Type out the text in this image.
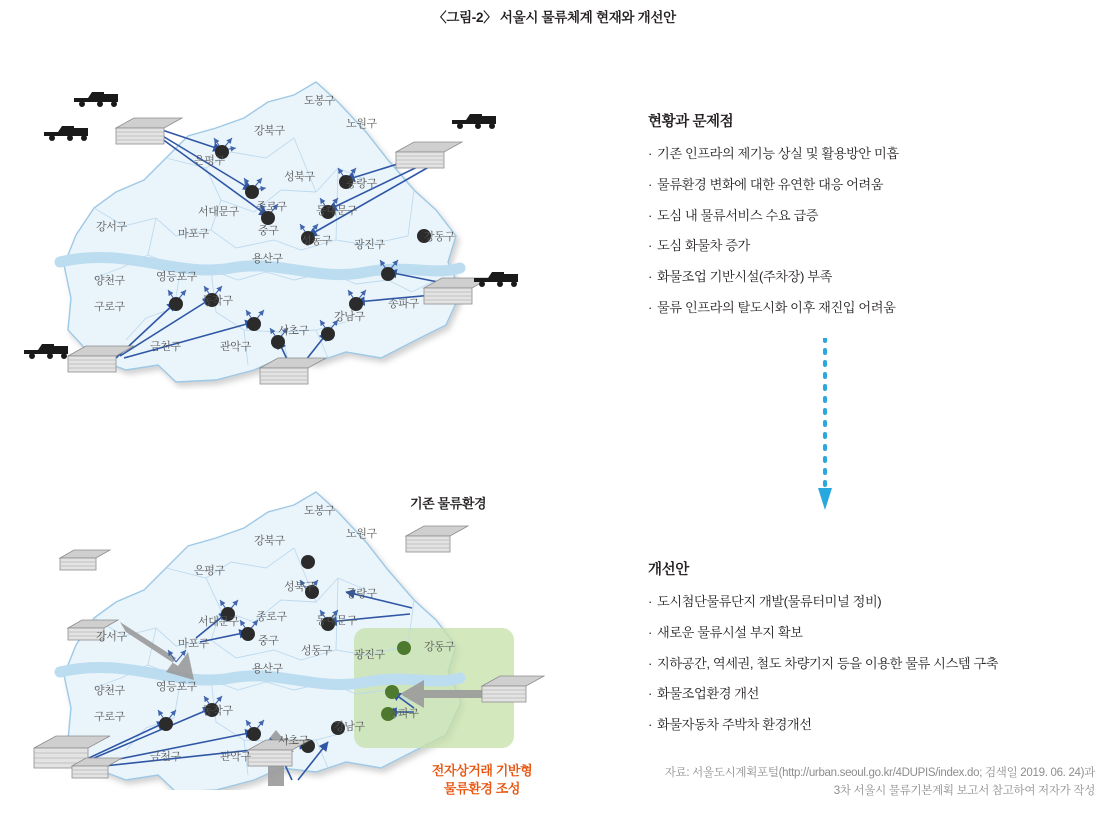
〈그림-2〉 서울시 물류체계 현재와 개선안
도봉구
강북구
노원구
은평구
성북구
중랑구
서대문구 종로구	동대문구
강서구
마포구	중구
성동구 광진구
강동구
용산구
양천구	영등포구
동작구
서초구
강남구
송파구
구로구
금천구	관악구
도봉구
강북구
노원구
은평구
성북구
중랑구
서대문구 종로구	동대문구
강서구
마포구	중구
성동구 광진구
강동구
용산구
양천구	영등포구
동작구
서초구
강남구
송파구
구로구
금천구	관악구
기존 물류환경
전자상거래 기반형
물류환경 조성
현황과 문제점
· 기존 인프라의 제기능 상실 및 활용방안 미흡
· 물류환경 변화에 대한 유연한 대응 어려움
· 도심 내 물류서비스 수요 급증
· 도심 화물차 증가
· 화물조업 기반시설(주차장) 부족
· 물류 인프라의 탈도시화 이후 재진입 어려움
개선안
· 도시첨단물류단지 개발(물류터미널 정비)
· 새로운 물류시설 부지 확보
· 지하공간, 역세권, 철도 차량기지 등을 이용한 물류 시스템 구축
· 화물조업환경 개선
· 화물자동차 주박차 환경개선
자료: 서울도시계획포털(http://urban.seoul.go.kr/4DUPIS/index.do; 검색일 2019. 06. 24)과
3차 서울시 물류기본계획 보고서 참고하여 저자가 작성
